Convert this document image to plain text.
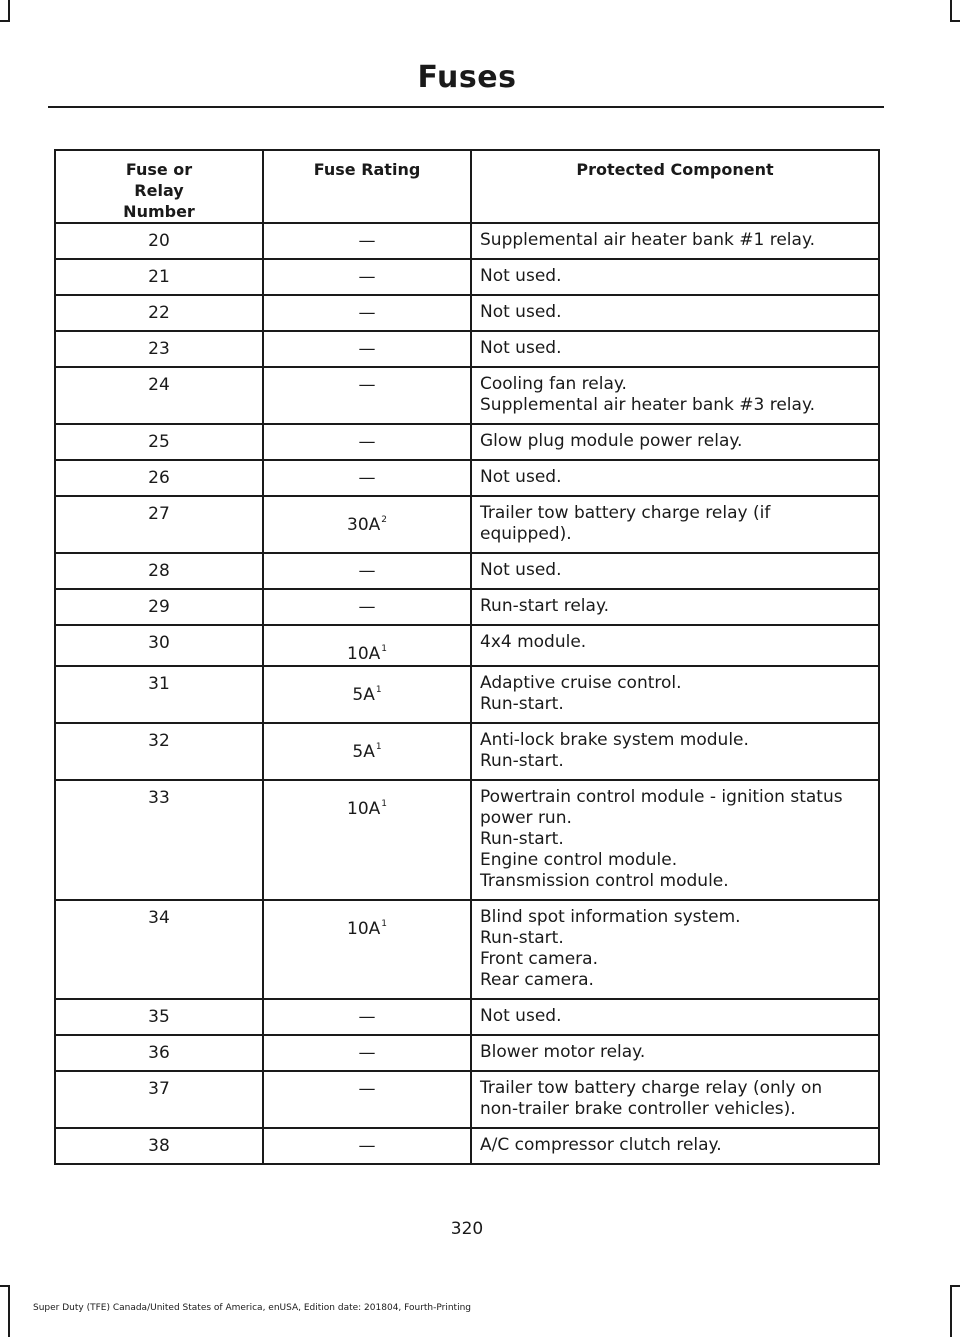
Fuses
Fuse or Relay Number	Fuse Rating	Protected Component

20	—	Supplemental air heater bank #1 relay.

21	—	Not used.

22	—	Not used.

23	—	Not used.

24	—	Cooling fan relay.
Supplemental air heater bank #3 relay.

25	—	Glow plug module power relay.

26	—	Not used.

27	$30A^2$	Trailer tow battery charge relay (if
equipped).

28	—	Not used.

29	—	Run-start relay.

30	$10A^1$	4x4 module.

31	$5A^1$	Adaptive cruise control.
Run-start.

32	$5A^1$	Anti-lock brake system module.
Run-start.

33	$10A^1$	Powertrain control module - ignition status
power run.
Run-start.
Engine control module.
Transmission control module.

34	$10A^1$	Blind spot information system.
Run-start.
Front camera.
Rear camera.

35	—	Not used.

36	—	Blower motor relay.

37	—	Trailer tow battery charge relay (only on
non-trailer brake controller vehicles).

38	—	A/C compressor clutch relay.
320
Super Duty (TFE) Canada/United States of America, enUSA, Edition date: 201804, Fourth-Printing
